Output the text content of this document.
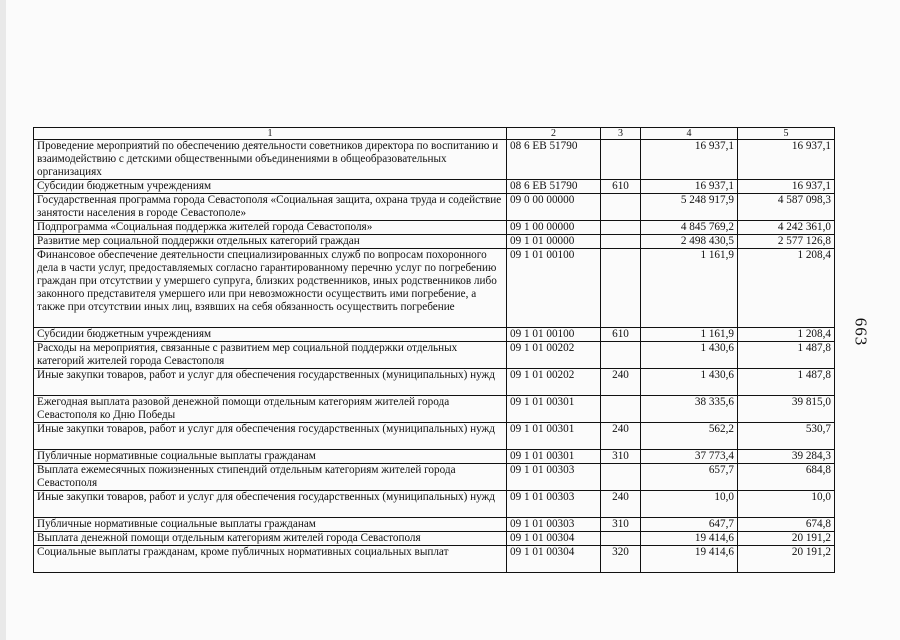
1	2	3	4	5
Проведение мероприятий по обеспечению деятельности советников директора по воспитанию и взаимодействию с детскими общественными объединениями в общеобразовательных организациях	08 6 EB 51790		16 937,1	16 937,1
Субсидии бюджетным учреждениям	08 6 EB 51790	610	16 937,1	16 937,1
Государственная программа города Севастополя «Социальная защита, охрана труда и содействие занятости населения в городе Севастополе»	09 0 00 00000		5 248 917,9	4 587 098,3
Подпрограмма «Социальная поддержка жителей города Севастополя»	09 1 00 00000		4 845 769,2	4 242 361,0
Развитие мер социальной поддержки отдельных категорий граждан	09 1 01 00000		2 498 430,5	2 577 126,8
Финансовое обеспечение деятельности специализированных служб по вопросам похоронного дела в части услуг, предоставляемых согласно гарантированному перечню услуг по погребению граждан при отсутствии у умершего супруга, близких родственников, иных родственников либо законного представителя умершего или при невозможности осуществить ими погребение, а также при отсутствии иных лиц, взявших на себя обязанность осуществить погребение	09 1 01 00100		1 161,9	1 208,4
Субсидии бюджетным учреждениям	09 1 01 00100	610	1 161,9	1 208,4
Расходы на мероприятия, связанные с развитием мер социальной поддержки отдельных категорий жителей города Севастополя	09 1 01 00202		1 430,6	1 487,8
Иные закупки товаров, работ и услуг для обеспечения государственных (муниципальных) нужд	09 1 01 00202	240	1 430,6	1 487,8
Ежегодная выплата разовой денежной помощи отдельным категориям жителей города Севастополя ко Дню Победы	09 1 01 00301		38 335,6	39 815,0
Иные закупки товаров, работ и услуг для обеспечения государственных (муниципальных) нужд	09 1 01 00301	240	562,2	530,7
Публичные нормативные социальные выплаты гражданам	09 1 01 00301	310	37 773,4	39 284,3
Выплата ежемесячных пожизненных стипендий отдельным категориям жителей города Севастополя	09 1 01 00303		657,7	684,8
Иные закупки товаров, работ и услуг для обеспечения государственных (муниципальных) нужд	09 1 01 00303	240	10,0	10,0
Публичные нормативные социальные выплаты гражданам	09 1 01 00303	310	647,7	674,8
Выплата денежной помощи отдельным категориям жителей города Севастополя	09 1 01 00304		19 414,6	20 191,2
Социальные выплаты гражданам, кроме публичных нормативных социальных выплат	09 1 01 00304	320	19 414,6	20 191,2
663
